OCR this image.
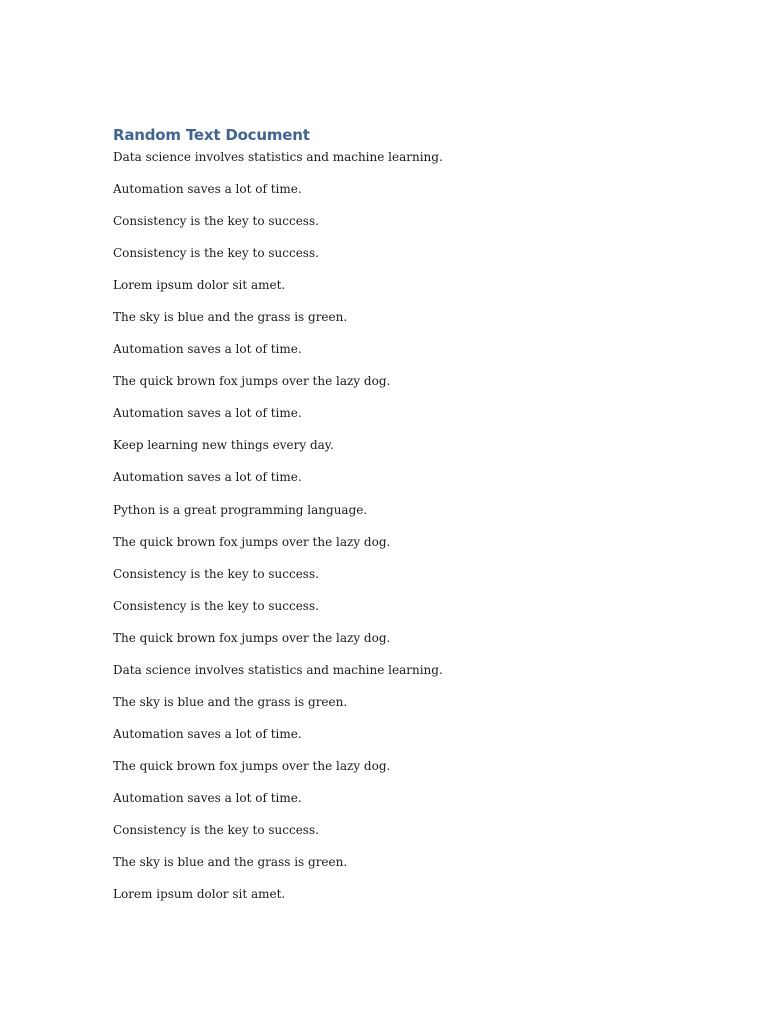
Random Text Document
Data science involves statistics and machine learning.
Automation saves a lot of time.
Consistency is the key to success.
Consistency is the key to success.
Lorem ipsum dolor sit amet.
The sky is blue and the grass is green.
Automation saves a lot of time.
The quick brown fox jumps over the lazy dog.
Automation saves a lot of time.
Keep learning new things every day.
Automation saves a lot of time.
Python is a great programming language.
The quick brown fox jumps over the lazy dog.
Consistency is the key to success.
Consistency is the key to success.
The quick brown fox jumps over the lazy dog.
Data science involves statistics and machine learning.
The sky is blue and the grass is green.
Automation saves a lot of time.
The quick brown fox jumps over the lazy dog.
Automation saves a lot of time.
Consistency is the key to success.
The sky is blue and the grass is green.
Lorem ipsum dolor sit amet.
